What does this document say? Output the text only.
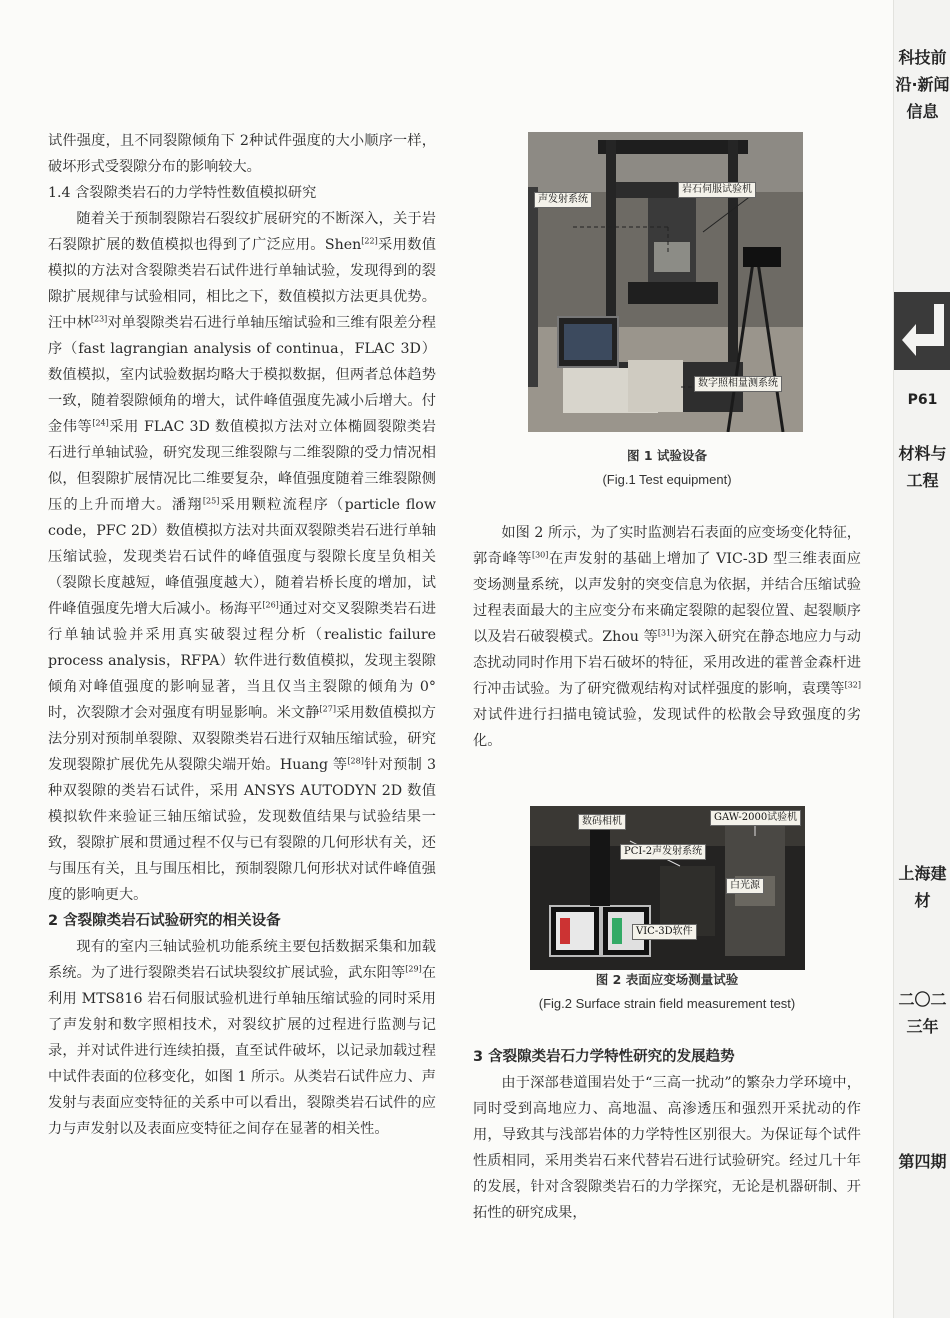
试件强度，且不同裂隙倾角下 2种试件强度的大小顺序一样，破坏形式受裂隙分布的影响较大。

1.4 含裂隙类岩石的力学特性数值模拟研究

随着关于预制裂隙岩石裂纹扩展研究的不断深入，关于岩石裂隙扩展的数值模拟也得到了广泛应用。Shen[22]采用数值模拟的方法对含裂隙类岩石试件进行单轴试验，发现得到的裂隙扩展规律与试验相同，相比之下，数值模拟方法更具优势。汪中林[23]对单裂隙类岩石进行单轴压缩试验和三维有限差分程序（fast lagrangian analysis of continua，FLAC 3D）数值模拟，室内试验数据均略大于模拟数据，但两者总体趋势一致，随着裂隙倾角的增大，试件峰值强度先减小后增大。付金伟等[24]采用 FLAC 3D 数值模拟方法对立体椭圆裂隙类岩石进行单轴试验，研究发现三维裂隙与二维裂隙的受力情况相似，但裂隙扩展情况比二维要复杂，峰值强度随着三维裂隙侧压的上升而增大。潘翔[25]采用颗粒流程序（particle flow code，PFC 2D）数值模拟方法对共面双裂隙类岩石进行单轴压缩试验，发现类岩石试件的峰值强度与裂隙长度呈负相关（裂隙长度越短，峰值强度越大），随着岩桥长度的增加，试件峰值强度先增大后减小。杨海平[26]通过对交叉裂隙类岩石进行单轴试验并采用真实破裂过程分析（realistic failure process analysis，RFPA）软件进行数值模拟，发现主裂隙倾角对峰值强度的影响显著，当且仅当主裂隙的倾角为 0° 时，次裂隙才会对强度有明显影响。米文静[27]采用数值模拟方法分别对预制单裂隙、双裂隙类岩石进行双轴压缩试验，研究发现裂隙扩展优先从裂隙尖端开始。Huang 等[28]针对预制 3 种双裂隙的类岩石试件，采用 ANSYS AUTODYN 2D 数值模拟软件来验证三轴压缩试验，发现数值结果与试验结果一致，裂隙扩展和贯通过程不仅与已有裂隙的几何形状有关，还与围压有关，且与围压相比，预制裂隙几何形状对试件峰值强度的影响更大。

2 含裂隙类岩石试验研究的相关设备

现有的室内三轴试验机功能系统主要包括数据采集和加载系统。为了进行裂隙类岩石试块裂纹扩展试验，武东阳等[29]在利用 MTS816 岩石伺服试验机进行单轴压缩试验的同时采用了声发射和数字照相技术，对裂纹扩展的过程进行监测与记录，并对试件进行连续拍摄，直至试件破坏，以记录加载过程中试件表面的位移变化，如图 1 所示。从类岩石试件应力、声发射与表面应变特征的关系中可以看出，裂隙类岩石试件的应力与声发射以及表面应变特征之间存在显著的相关性。

声发射系统
岩石伺服试验机
数字照相量测系统
图 1 试验设备
(Fig.1 Test equipment)

如图 2 所示，为了实时监测岩石表面的应变场变化特征，郭奇峰等[30]在声发射的基础上增加了 VIC-3D 型三维表面应变场测量系统，以声发射的突变信息为依据，并结合压缩试验过程表面最大的主应变分布来确定裂隙的起裂位置、起裂顺序以及岩石破裂模式。Zhou 等[31]为深入研究在静态地应力与动态扰动同时作用下岩石破坏的特征，采用改进的霍普金森杆进行冲击试验。为了研究微观结构对试样强度的影响，袁璞等[32]对试件进行扫描电镜试验，发现试件的松散会导致强度的劣化。

数码相机	GAW-2000试验机
PCI-2声发射系统
白光源
VIC-3D软件
图 2 表面应变场测量试验
(Fig.2 Surface strain field measurement test)

3 含裂隙类岩石力学特性研究的发展趋势

由于深部巷道围岩处于“三高一扰动”的繁杂力学环境中，同时受到高地应力、高地温、高渗透压和强烈开采扰动的作用，导致其与浅部岩体的力学特性区别很大。为保证每个试件性质相同，采用类岩石来代替岩石进行试验研究。经过几十年的发展，针对含裂隙类岩石的力学探究，无论是机器研制、开拓性的研究成果，

科技前沿·新闻信息
P61
材料与工程
上海建材
二〇二三年
第四期
